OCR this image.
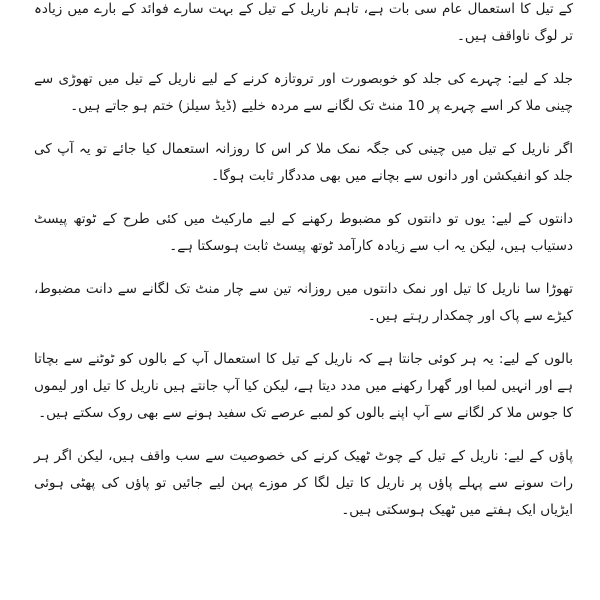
کے تیل کا استعمال عام سی بات ہے، تاہم ناریل کے تیل کے بہت سارے فوائد کے بارے میں زیادہ تر لوگ ناواقف ہیں۔

جلد کے لیے: چہرے کی جلد کو خوبصورت اور تروتازہ کرنے کے لیے ناریل کے تیل میں تھوڑی سے چینی ملا کر اسے چہرے پر 10 منٹ تک لگانے سے مردہ خلیے (ڈیڈ سیلز) ختم ہو جاتے ہیں۔

اگر ناریل کے تیل میں چینی کی جگہ نمک ملا کر اس کا روزانہ استعمال کیا جائے تو یہ آپ کی جلد کو انفیکشن اور دانوں سے بچانے میں بھی مددگار ثابت ہوگا۔

دانتوں کے لیے: یوں تو دانتوں کو مضبوط رکھنے کے لیے مارکیٹ میں کئی طرح کے ٹوتھ پیسٹ دستیاب ہیں، لیکن یہ اب سے زیادہ کارآمد ٹوتھ پیسٹ ثابت ہوسکتا ہے۔

تھوڑا سا ناریل کا تیل اور نمک دانتوں میں روزانہ تین سے چار منٹ تک لگانے سے دانت مضبوط، کیڑے سے پاک اور چمکدار رہتے ہیں۔

بالوں کے لیے: یہ ہر کوئی جانتا ہے کہ ناریل کے تیل کا استعمال آپ کے بالوں کو ٹوٹنے سے بچاتا ہے اور انہیں لمبا اور گھرا رکھنے میں مدد دیتا ہے، لیکن کیا آپ جانتے ہیں ناریل کا تیل اور لیموں کا جوس ملا کر لگانے سے آپ اپنے بالوں کو لمبے عرصے تک سفید ہونے سے بھی روک سکتے ہیں۔

پاؤں کے لیے: ناریل کے تیل کے چوٹ ٹھیک کرنے کی خصوصیت سے سب واقف ہیں، لیکن اگر ہر رات سونے سے پہلے پاؤں پر ناریل کا تیل لگا کر موزے پہن لیے جائیں تو پاؤں کی پھٹی ہوئی ایڑیاں ایک ہفتے میں ٹھیک ہوسکتی ہیں۔
